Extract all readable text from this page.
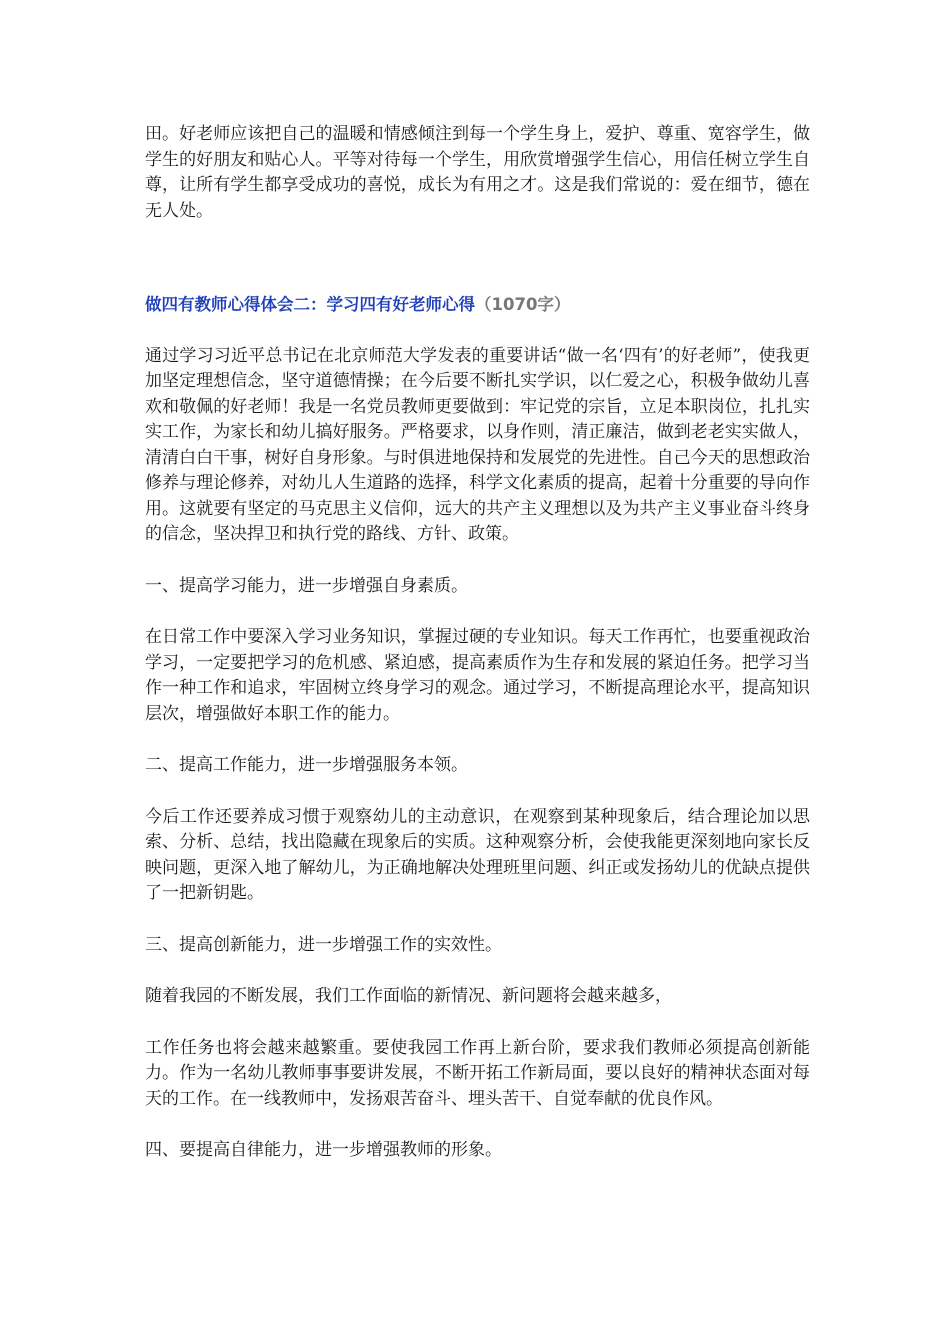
田。好老师应该把自己的温暖和情感倾注到每一个学生身上，爱护、尊重、宽容学生，做学生的好朋友和贴心人。平等对待每一个学生，用欣赏增强学生信心，用信任树立学生自尊，让所有学生都享受成功的喜悦，成长为有用之才。这是我们常说的：爱在细节，德在无人处。

做四有教师心得体会二：学习四有好老师心得（1070字）

通过学习习近平总书记在北京师范大学发表的重要讲话“做一名‘四有’的好老师”，使我更加坚定理想信念，坚守道德情操；在今后要不断扎实学识，以仁爱之心，积极争做幼儿喜欢和敬佩的好老师！我是一名党员教师更要做到：牢记党的宗旨，立足本职岗位，扎扎实实工作，为家长和幼儿搞好服务。严格要求，以身作则，清正廉洁，做到老老实实做人，清清白白干事，树好自身形象。与时俱进地保持和发展党的先进性。自己今天的思想政治修养与理论修养，对幼儿人生道路的选择，科学文化素质的提高，起着十分重要的导向作用。这就要有坚定的马克思主义信仰，远大的共产主义理想以及为共产主义事业奋斗终身的信念，坚决捍卫和执行党的路线、方针、政策。

一、提高学习能力，进一步增强自身素质。

在日常工作中要深入学习业务知识，掌握过硬的专业知识。每天工作再忙，也要重视政治学习，一定要把学习的危机感、紧迫感，提高素质作为生存和发展的紧迫任务。把学习当作一种工作和追求，牢固树立终身学习的观念。通过学习，不断提高理论水平，提高知识层次，增强做好本职工作的能力。

二、提高工作能力，进一步增强服务本领。

今后工作还要养成习惯于观察幼儿的主动意识，在观察到某种现象后，结合理论加以思索、分析、总结，找出隐藏在现象后的实质。这种观察分析，会使我能更深刻地向家长反映问题，更深入地了解幼儿，为正确地解决处理班里问题、纠正或发扬幼儿的优缺点提供了一把新钥匙。

三、提高创新能力，进一步增强工作的实效性。

随着我园的不断发展，我们工作面临的新情况、新问题将会越来越多，

工作任务也将会越来越繁重。要使我园工作再上新台阶，要求我们教师必须提高创新能力。作为一名幼儿教师事事要讲发展，不断开拓工作新局面，要以良好的精神状态面对每天的工作。在一线教师中，发扬艰苦奋斗、埋头苦干、自觉奉献的优良作风。

四、要提高自律能力，进一步增强教师的形象。
